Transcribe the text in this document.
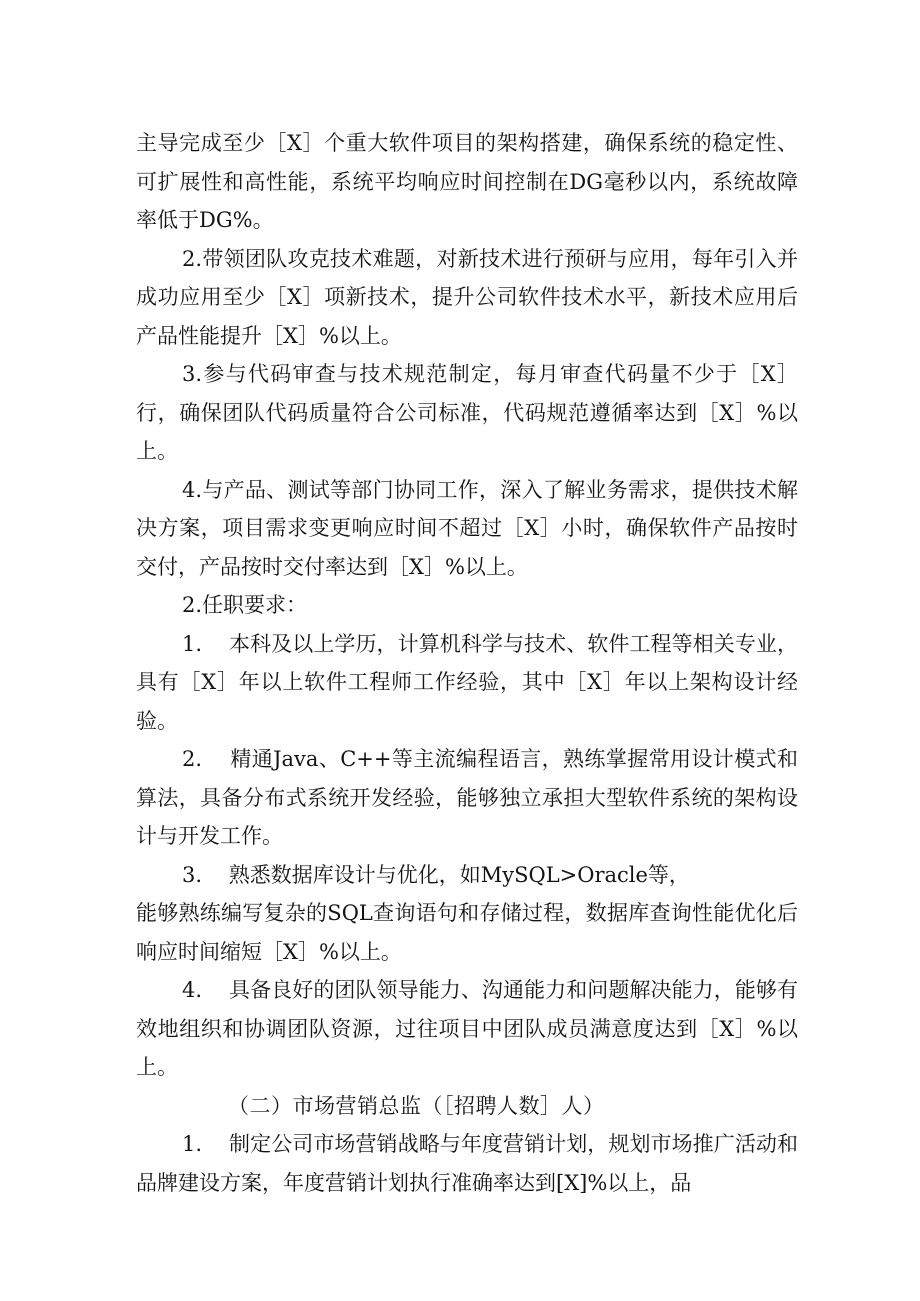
主导完成至少［X］个重大软件项目的架构搭建，确保系统的稳定性、可扩展性和高性能，系统平均响应时间控制在DG毫秒以内，系统故障率低于DG%。

2.带领团队攻克技术难题，对新技术进行预研与应用，每年引入并成功应用至少［X］项新技术，提升公司软件技术水平，新技术应用后产品性能提升［X］%以上。

3.参与代码审查与技术规范制定，每月审查代码量不少于［X］行，确保团队代码质量符合公司标准，代码规范遵循率达到［X］%以上。

4.与产品、测试等部门协同工作，深入了解业务需求，提供技术解决方案，项目需求变更响应时间不超过［X］小时，确保软件产品按时交付，产品按时交付率达到［X］%以上。

2.任职要求：

1.    本科及以上学历，计算机科学与技术、软件工程等相关专业，具有［X］年以上软件工程师工作经验，其中［X］年以上架构设计经验。

2.    精通Java、C++等主流编程语言，熟练掌握常用设计模式和算法，具备分布式系统开发经验，能够独立承担大型软件系统的架构设计与开发工作。

3.    熟悉数据库设计与优化，如MySQL>Oracle等，

能够熟练编写复杂的SQL查询语句和存储过程，数据库查询性能优化后响应时间缩短［X］%以上。

4.    具备良好的团队领导能力、沟通能力和问题解决能力，能够有效地组织和协调团队资源，过往项目中团队成员满意度达到［X］%以上。

（二）市场营销总监（［招聘人数］人）

1.    制定公司市场营销战略与年度营销计划，规划市场推广活动和品牌建设方案，年度营销计划执行准确率达到[X]%以上，品
